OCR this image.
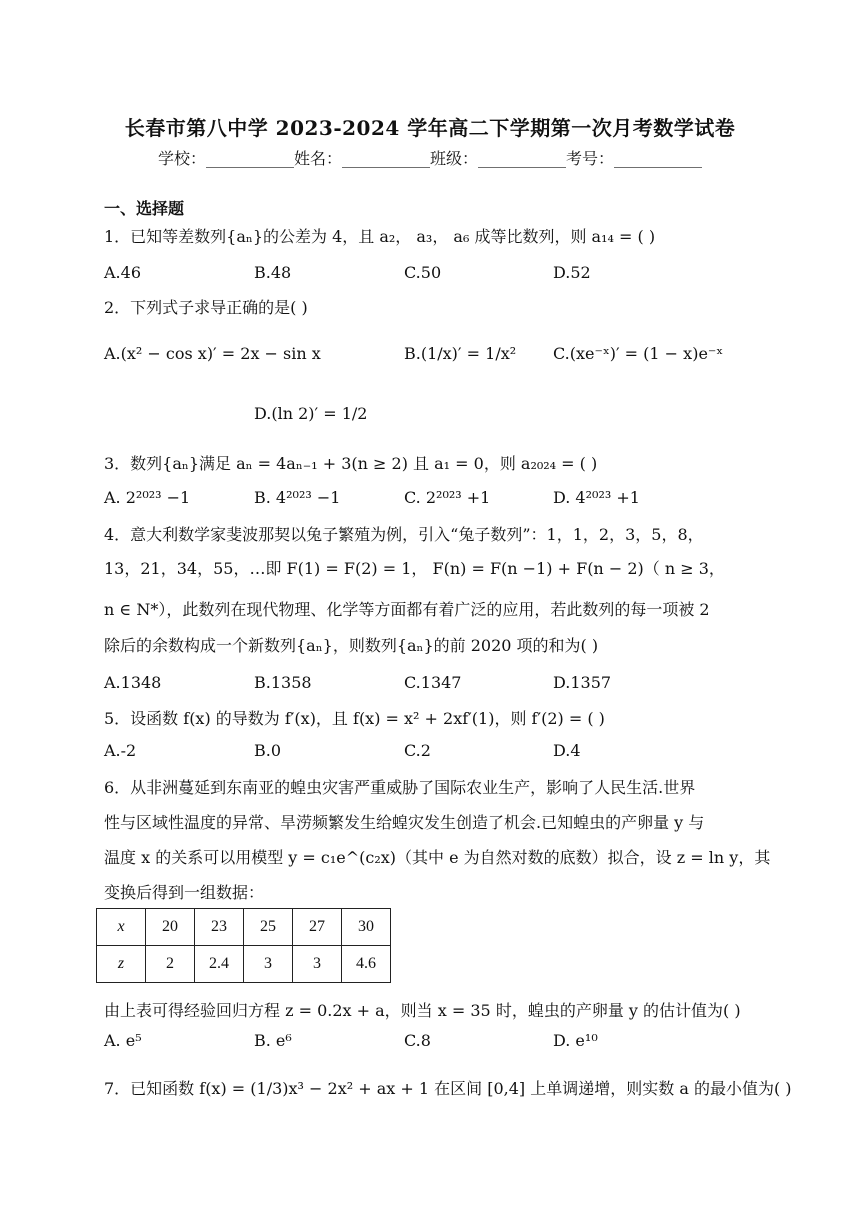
长春市第八中学 2023-2024 学年高二下学期第一次月考数学试卷
学校：___________姓名：___________班级：___________考号：___________
一、选择题
1．已知等差数列{aₙ}的公差为 4，且 a₂， a₃， a₆ 成等比数列，则 a₁₄ = ( )
A.46	B.48	C.50	D.52
2．下列式子求导正确的是( )
A.(x² − cos x)′ = 2x − sin x	B.(1/x)′ = 1/x² C.(xe⁻ˣ)′ = (1 − x)e⁻ˣ
D.(ln 2)′ = 1/2
3．数列{aₙ}满足 aₙ = 4aₙ₋₁ + 3(n ≥ 2) 且 a₁ = 0，则 a₂₀₂₄ = ( )
A. 2²⁰²³ −1	B. 4²⁰²³ −1	C. 2²⁰²³ +1	D. 4²⁰²³ +1
4．意大利数学家斐波那契以兔子繁殖为例，引入“兔子数列”：1，1，2，3，5，8，
13，21，34，55，…即 F(1) = F(2) = 1， F(n) = F(n −1) + F(n − 2)（ n ≥ 3，
n ∈ N*），此数列在现代物理、化学等方面都有着广泛的应用，若此数列的每一项被 2
除后的余数构成一个新数列{aₙ}，则数列{aₙ}的前 2020 项的和为( )
A.1348	B.1358	C.1347	D.1357
5．设函数 f(x) 的导数为 f′(x)，且 f(x) = x² + 2xf′(1)，则 f′(2) = ( )
A.-2	B.0	C.2	D.4
6．从非洲蔓延到东南亚的蝗虫灾害严重威胁了国际农业生产，影响了人民生活.世界
性与区域性温度的异常、旱涝频繁发生给蝗灾发生创造了机会.已知蝗虫的产卵量 y 与
温度 x 的关系可以用模型 y = c₁e^(c₂x)（其中 e 为自然对数的底数）拟合，设 z = ln y，其
变换后得到一组数据：
x	20	23	25	27	30
z	2	2.4	3	3	4.6
由上表可得经验回归方程 z = 0.2x + a，则当 x = 35 时，蝗虫的产卵量 y 的估计值为( )
A. e⁵	B. e⁶	C.8	D. e¹⁰
7．已知函数 f(x) = (1/3)x³ − 2x² + ax + 1 在区间 [0,4] 上单调递增，则实数 a 的最小值为( )
